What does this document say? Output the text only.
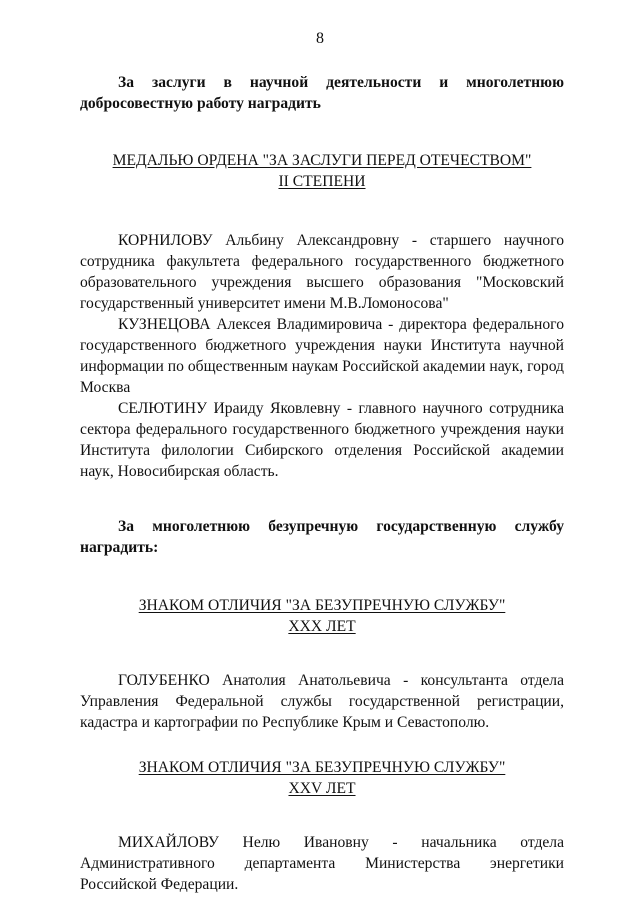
8

За заслуги в научной деятельности и многолетнюю добросовестную работу наградить

МЕДАЛЬЮ ОРДЕНА "ЗА ЗАСЛУГИ ПЕРЕД ОТЕЧЕСТВОМ"
II СТЕПЕНИ

КОРНИЛОВУ Альбину Александровну - старшего научного сотрудника факультета федерального государственного бюджетного образовательного учреждения высшего образования "Московский государственный университет имени М.В.Ломоносова"

КУЗНЕЦОВА Алексея Владимировича - директора федерального государственного бюджетного учреждения науки Института научной информации по общественным наукам Российской академии наук, город Москва

СЕЛЮТИНУ Ираиду Яковлевну - главного научного сотрудника сектора федерального государственного бюджетного учреждения науки Института филологии Сибирского отделения Российской академии наук, Новосибирская область.

За многолетнюю безупречную государственную службу наградить:

ЗНАКОМ ОТЛИЧИЯ "ЗА БЕЗУПРЕЧНУЮ СЛУЖБУ"
XXX ЛЕТ

ГОЛУБЕНКО Анатолия Анатольевича - консультанта отдела Управления Федеральной службы государственной регистрации, кадастра и картографии по Республике Крым и Севастополю.

ЗНАКОМ ОТЛИЧИЯ "ЗА БЕЗУПРЕЧНУЮ СЛУЖБУ"
XXV ЛЕТ

МИХАЙЛОВУ Нелю Ивановну - начальника отдела Административного департамента Министерства энергетики Российской Федерации.
